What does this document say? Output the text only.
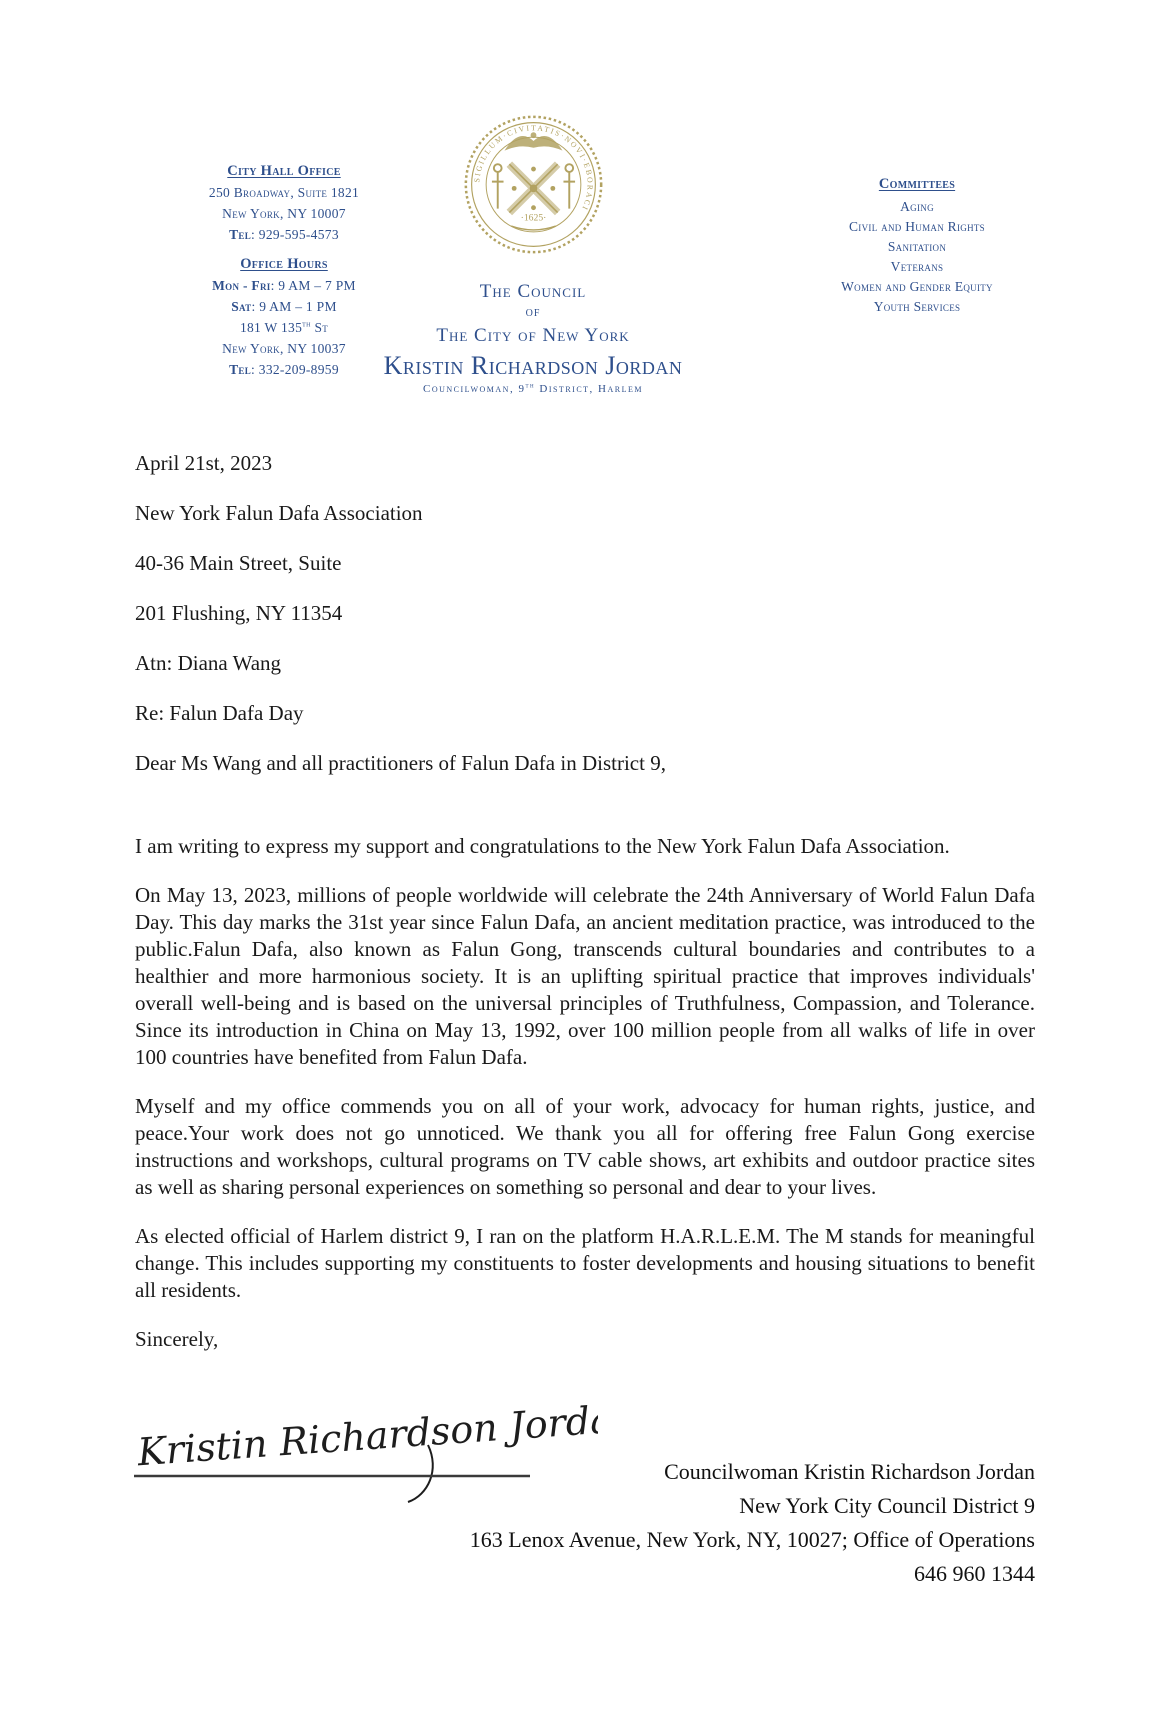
City Hall Office
250 Broadway, Suite 1821
New York, NY 10007
Tel: 929-595-4573
Office Hours
Mon - Fri: 9 AM – 7 PM
Sat: 9 AM – 1 PM
181 W 135th St
New York, NY 10037
Tel: 332-209-8959
SIGILLUM·CIVITATIS·NOVI·EBORACI
·1625·
The Council
of
The City of New York
Kristin Richardson Jordan
Councilwoman, 9th District, Harlem
Committees
Aging
Civil and Human Rights
Sanitation
Veterans
Women and Gender Equity
Youth Services
April 21st, 2023
New York Falun Dafa Association
40-36 Main Street, Suite
201 Flushing, NY 11354
Atn: Diana Wang
Re: Falun Dafa Day
Dear Ms Wang and all practitioners of Falun Dafa in District 9,

I am writing to express my support and congratulations to the New York Falun Dafa Association.

On May 13, 2023, millions of people worldwide will celebrate the 24th Anniversary of World Falun Dafa Day. This day marks the 31st year since Falun Dafa, an ancient meditation practice, was introduced to the public.Falun Dafa, also known as Falun Gong, transcends cultural boundaries and contributes to a healthier and more harmonious society. It is an uplifting spiritual practice that improves individuals' overall well-being and is based on the universal principles of Truthfulness, Compassion, and Tolerance. Since its introduction in China on May 13, 1992, over 100 million people from all walks of life in over 100 countries have benefited from Falun Dafa.

Myself and my office commends you on all of your work, advocacy for human rights, justice, and peace.Your work does not go unnoticed. We thank you all for offering free Falun Gong exercise instructions and workshops, cultural programs on TV cable shows, art exhibits and outdoor practice sites as well as sharing personal experiences on something so personal and dear to your lives.

As elected official of Harlem district 9, I ran on the platform H.A.R.L.E.M. The M stands for meaningful change. This includes supporting my constituents to foster developments and housing situations to benefit all residents.

Sincerely,
Kristin Richardson Jordan	Councilwoman Kristin Richardson Jordan
New York City Council District 9
163 Lenox Avenue, New York, NY, 10027; Office of Operations
646 960 1344
